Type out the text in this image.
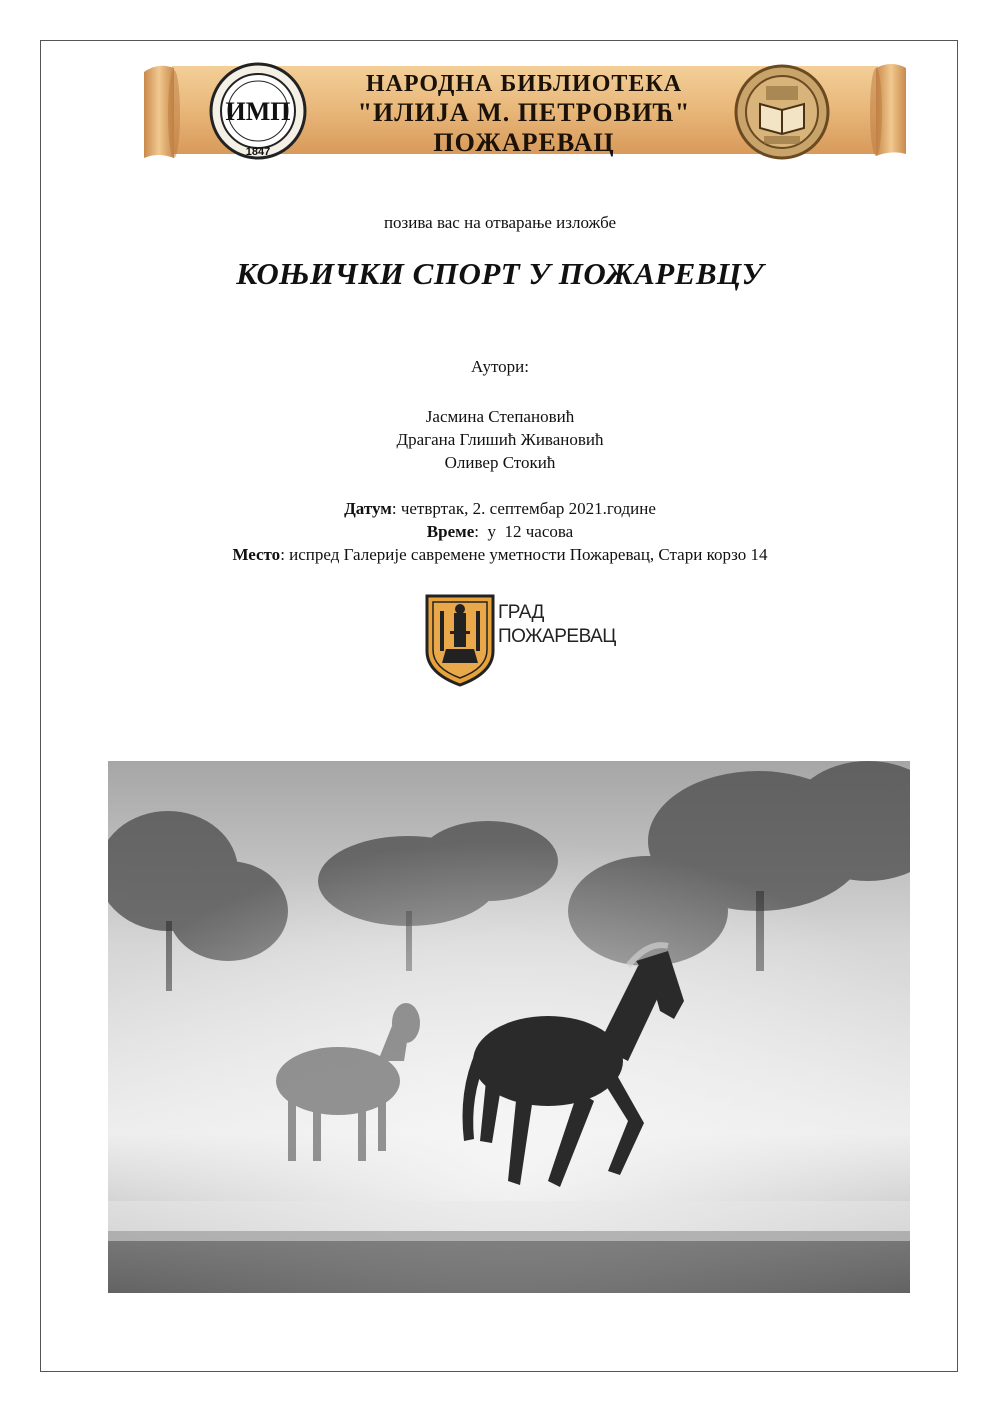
ИМП
1847
НАРОДНА БИБЛИОТЕКА
"ИЛИЈА М. ПЕТРОВИЋ"
ПОЖАРЕВАЦ
позива вас на отварање изложбе
КОЊИЧКИ СПОРТ У ПОЖАРЕВЦУ
Аутори:
Јасмина Степановић
Драгана Глишић Живановић
Оливер Стокић
Датум: четвртак, 2. септембар 2021.године
Време:  у  12 часова
Место: испред Галерије савремене уметности Пожаревац, Стари корзо 14
ГРАД
ПОЖАРЕВАЦ
